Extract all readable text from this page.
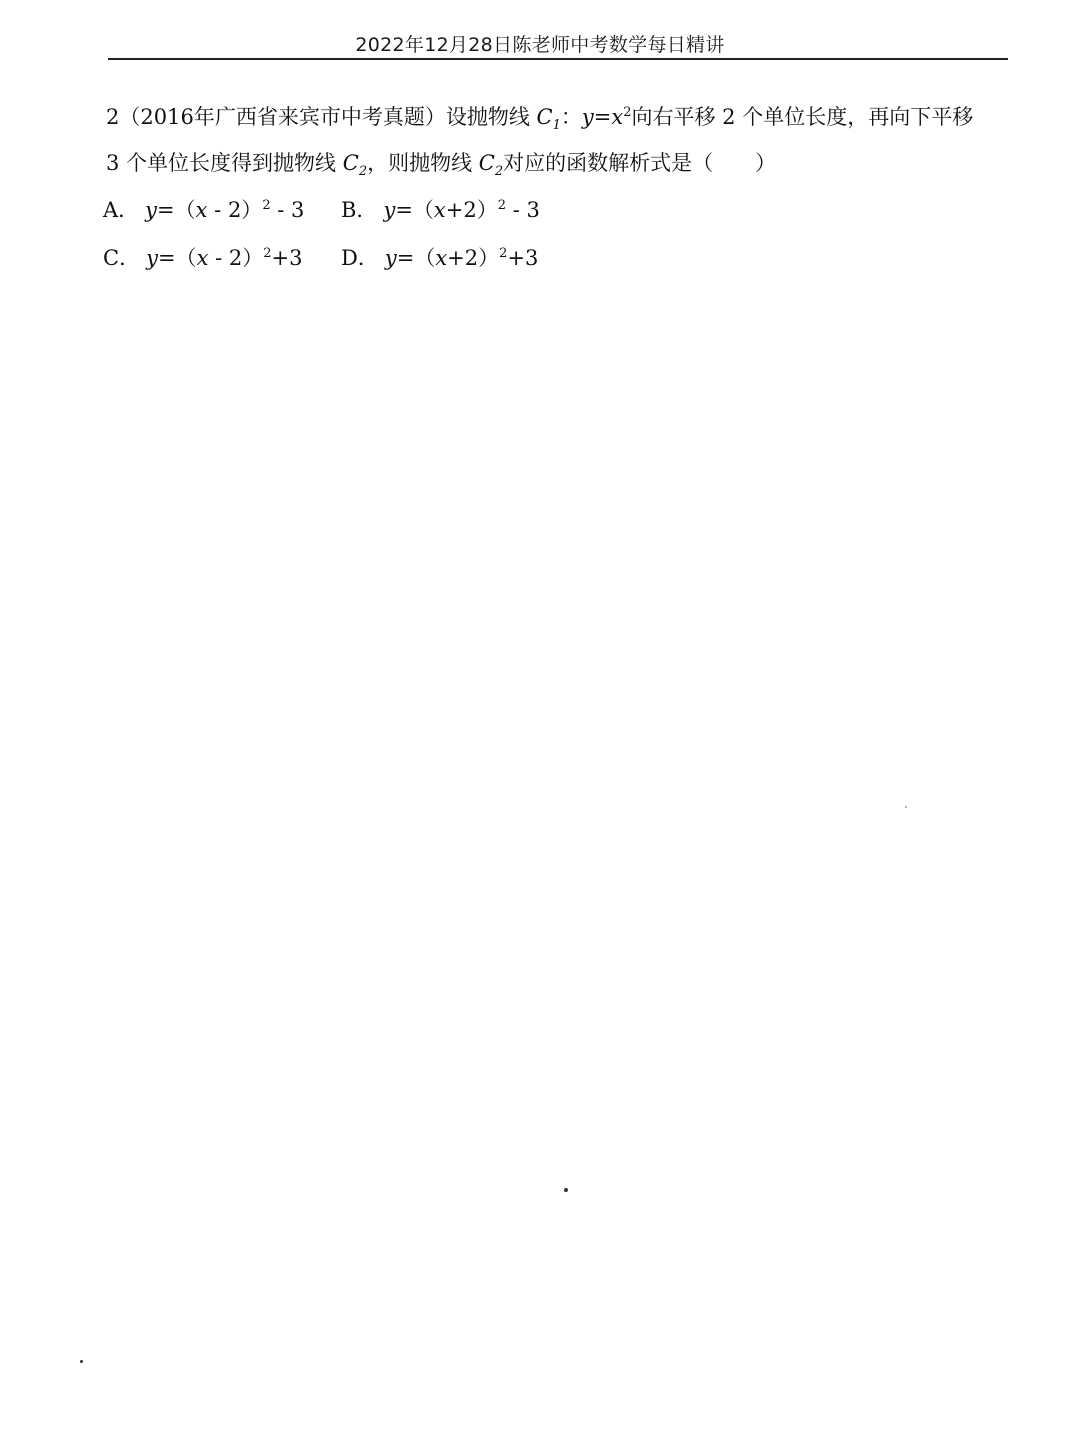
2022年12月28日陈老师中考数学每日精讲
2（2016年广西省来宾市中考真题）设抛物线 $C_1$：$y=x^2$向右平移 2 个单位长度，再向下平移
3 个单位长度得到抛物线 $C_2$，则抛物线 $C_2$对应的函数解析式是（　　）
A． y=（x - 2）$^2$ - 3 B． $y=(x+2)^2 - 3$
C． y=（x - 2）$^2$+3 D． $y=(x+2)^2+3$
